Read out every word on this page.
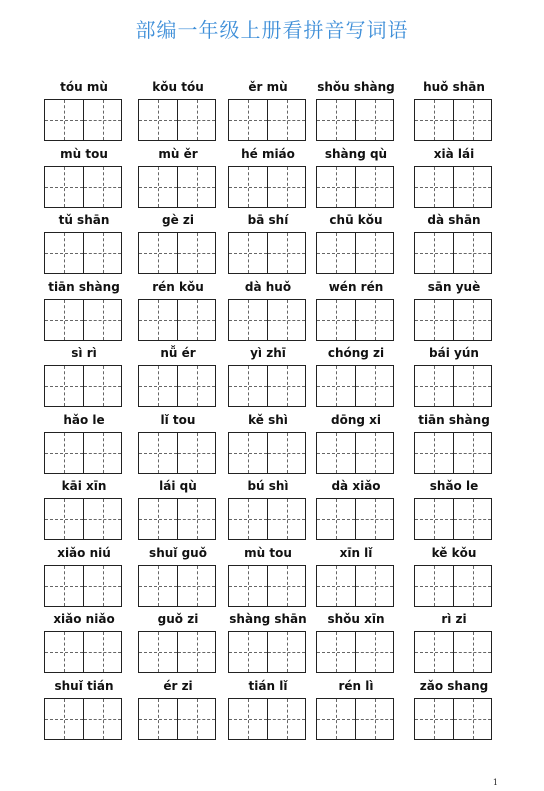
部编一年级上册看拼音写词语
tóu mù	kǒu tóu	ěr mù	shǒu shàng	huǒ shān
mù tou	mù ěr	hé miáo	shàng qù	xià lái
tǔ shān	gè zi	bā shí	chū kǒu	dà shān
tiān shàng	rén kǒu	dà huǒ	wén rén	sān yuè
sì rì	nǚ ér	yì zhī	chóng zi	bái yún
hǎo le	lǐ tou	kě shì	dōng xi	tiān shàng
kāi xīn	lái qù	bú shì	dà xiǎo	shǎo le
xiǎo niú	shuǐ guǒ	mù tou	xīn lǐ	kě kǒu
xiǎo niǎo	guǒ zi	shàng shān	shǒu xīn	rì zi
shuǐ tián	ér zi	tián lǐ	rén lì	zǎo shang
1
